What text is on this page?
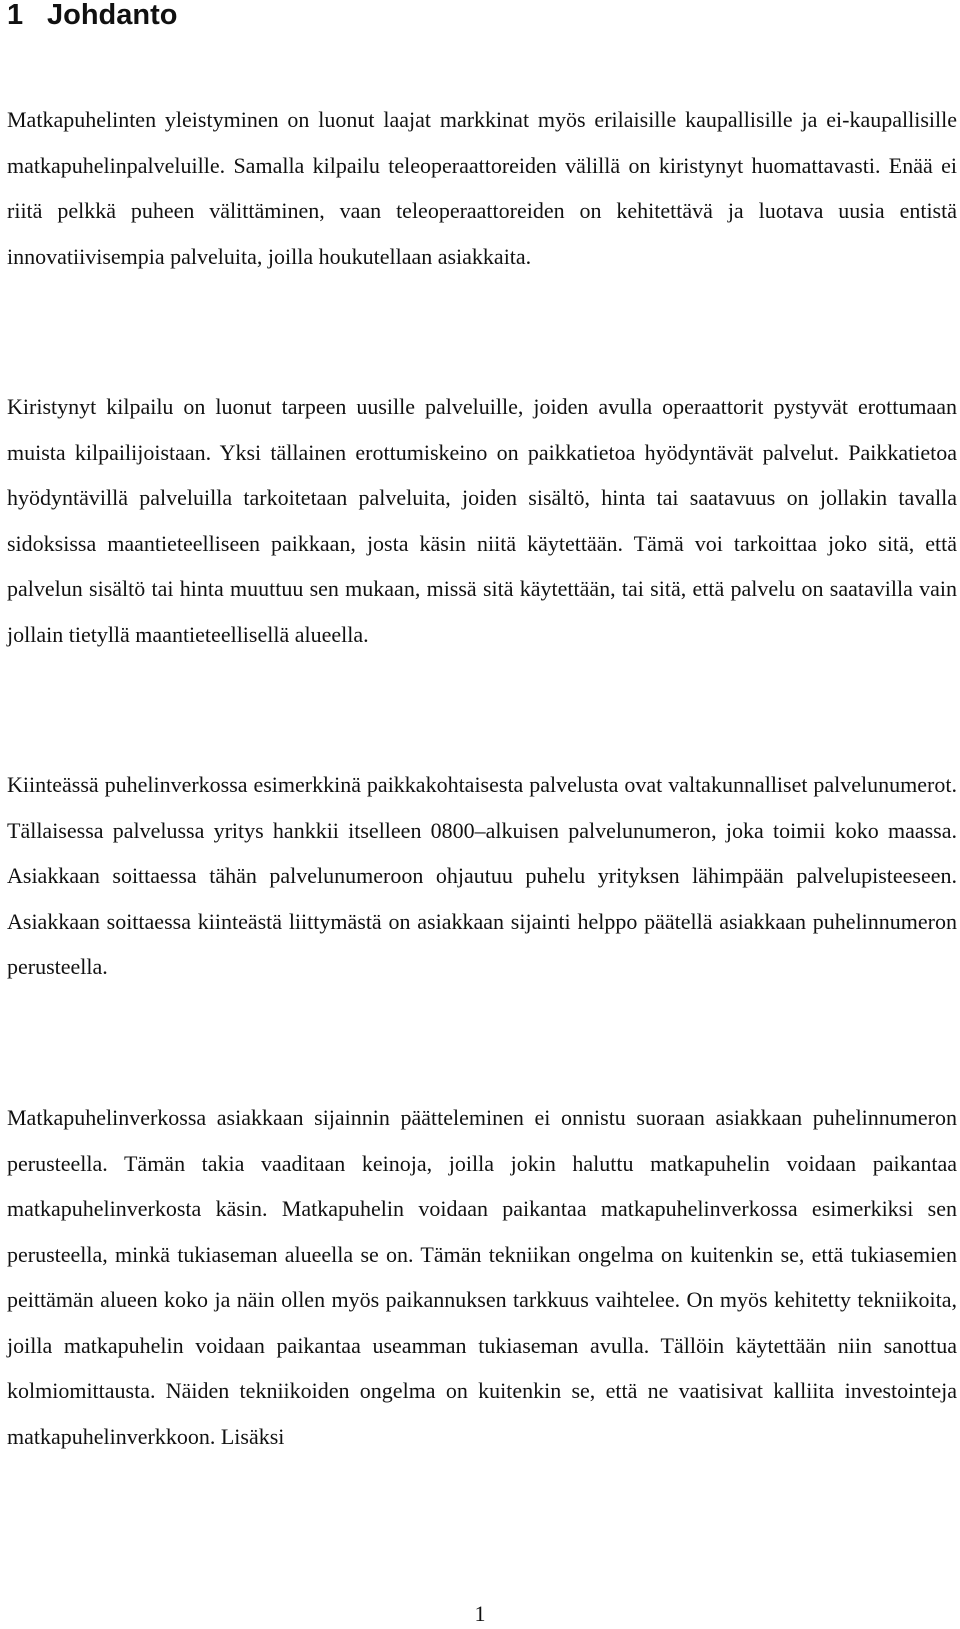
1 Johdanto

Matkapuhelinten yleistyminen on luonut laajat markkinat myös erilaisille kaupallisille ja ei-kaupallisille matkapuhelinpalveluille. Samalla kilpailu teleoperaattoreiden välillä on kiristynyt huomattavasti. Enää ei riitä pelkkä puheen välittäminen, vaan teleoperaattoreiden on kehitettävä ja luotava uusia entistä innovatiivisempia palveluita, joilla houkutellaan asiakkaita.

Kiristynyt kilpailu on luonut tarpeen uusille palveluille, joiden avulla operaattorit pystyvät erottumaan muista kilpailijoistaan. Yksi tällainen erottumiskeino on paikkatietoa hyödyntävät palvelut. Paikkatietoa hyödyntävillä palveluilla tarkoitetaan palveluita, joiden sisältö, hinta tai saatavuus on jollakin tavalla sidoksissa maantieteelliseen paikkaan, josta käsin niitä käytettään. Tämä voi tarkoittaa joko sitä, että palvelun sisältö tai hinta muuttuu sen mukaan, missä sitä käytettään, tai sitä, että palvelu on saatavilla vain jollain tietyllä maantieteellisellä alueella.

Kiinteässä puhelinverkossa esimerkkinä paikkakohtaisesta palvelusta ovat valtakunnalliset palvelunumerot. Tällaisessa palvelussa yritys hankkii itselleen 0800–alkuisen palvelunumeron, joka toimii koko maassa. Asiakkaan soittaessa tähän palvelunumeroon ohjautuu puhelu yrityksen lähimpään palvelupisteeseen. Asiakkaan soittaessa kiinteästä liittymästä on asiakkaan sijainti helppo päätellä asiakkaan puhelinnumeron perusteella.

Matkapuhelinverkossa asiakkaan sijainnin päätteleminen ei onnistu suoraan asiakkaan puhelinnumeron perusteella. Tämän takia vaaditaan keinoja, joilla jokin haluttu matkapuhelin voidaan paikantaa matkapuhelinverkosta käsin. Matkapuhelin voidaan paikantaa matkapuhelinverkossa esimerkiksi sen perusteella, minkä tukiaseman alueella se on. Tämän tekniikan ongelma on kuitenkin se, että tukiasemien peittämän alueen koko ja näin ollen myös paikannuksen tarkkuus vaihtelee. On myös kehitetty tekniikoita, joilla matkapuhelin voidaan paikantaa useamman tukiaseman avulla. Tällöin käytettään niin sanottua kolmiomittausta. Näiden tekniikoiden ongelma on kuitenkin se, että ne vaatisivat kalliita investointeja matkapuhelinverkkoon. Lisäksi

1
